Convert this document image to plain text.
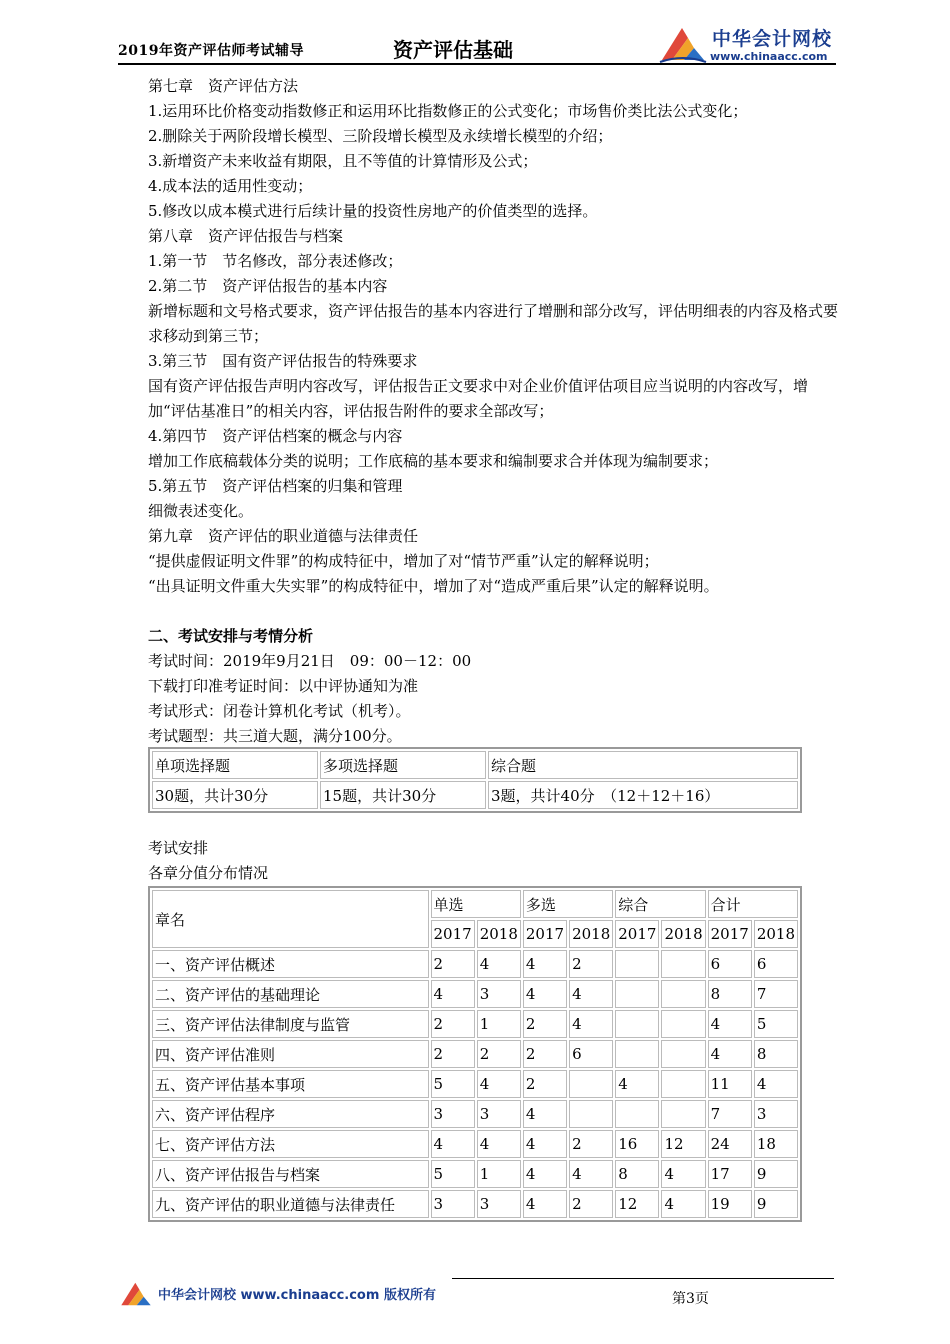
2019年资产评估师考试辅导	资产评估基础	中华会计网校
www.chinaacc.com

第七章　资产评估方法

1.运用环比价格变动指数修正和运用环比指数修正的公式变化；市场售价类比法公式变化；

2.删除关于两阶段增长模型、三阶段增长模型及永续增长模型的介绍；

3.新增资产未来收益有期限，且不等值的计算情形及公式；

4.成本法的适用性变动；

5.修改以成本模式进行后续计量的投资性房地产的价值类型的选择。

第八章　资产评估报告与档案

1.第一节　节名修改，部分表述修改；

2.第二节　资产评估报告的基本内容

新增标题和文号格式要求，资产评估报告的基本内容进行了增删和部分改写，评估明细表的内容及格式要求移动到第三节；

3.第三节　国有资产评估报告的特殊要求

国有资产评估报告声明内容改写，评估报告正文要求中对企业价值评估项目应当说明的内容改写，增加“评估基准日”的相关内容，评估报告附件的要求全部改写；

4.第四节　资产评估档案的概念与内容

增加工作底稿载体分类的说明；工作底稿的基本要求和编制要求合并体现为编制要求；

5.第五节　资产评估档案的归集和管理

细微表述变化。

第九章　资产评估的职业道德与法律责任

“提供虚假证明文件罪”的构成特征中，增加了对“情节严重”认定的解释说明；

“出具证明文件重大失实罪”的构成特征中，增加了对“造成严重后果”认定的解释说明。

二、考试安排与考情分析

考试时间：2019年9月21日　09：00－12：00

下载打印准考证时间：以中评协通知为准

考试形式：闭卷计算机化考试（机考）。

考试题型：共三道大题，满分100分。

单项选择题	多项选择题	综合题
30题，共计30分	15题，共计30分	3题，共计40分　（12＋12＋16）

考试安排

各章分值分布情况

章名	单选		多选		综合		合计	
	2017	2018	2017	2018	2017	2018	2017	2018
一、资产评估概述	2	4	4	2			6	6
二、资产评估的基础理论	4	3	4	4			8	7
三、资产评估法律制度与监管	2	1	2	4			4	5
四、资产评估准则	2	2	2	6			4	8
五、资产评估基本事项	5	4	2		4		11	4
六、资产评估程序	3	3	4				7	3
七、资产评估方法	4	4	4	2	16	12	24	18
八、资产评估报告与档案	5	1	4	4	8	4	17	9
九、资产评估的职业道德与法律责任	3	3	4	2	12	4	19	9
中华会计网校 www.chinaacc.com 版权所有	第3页
